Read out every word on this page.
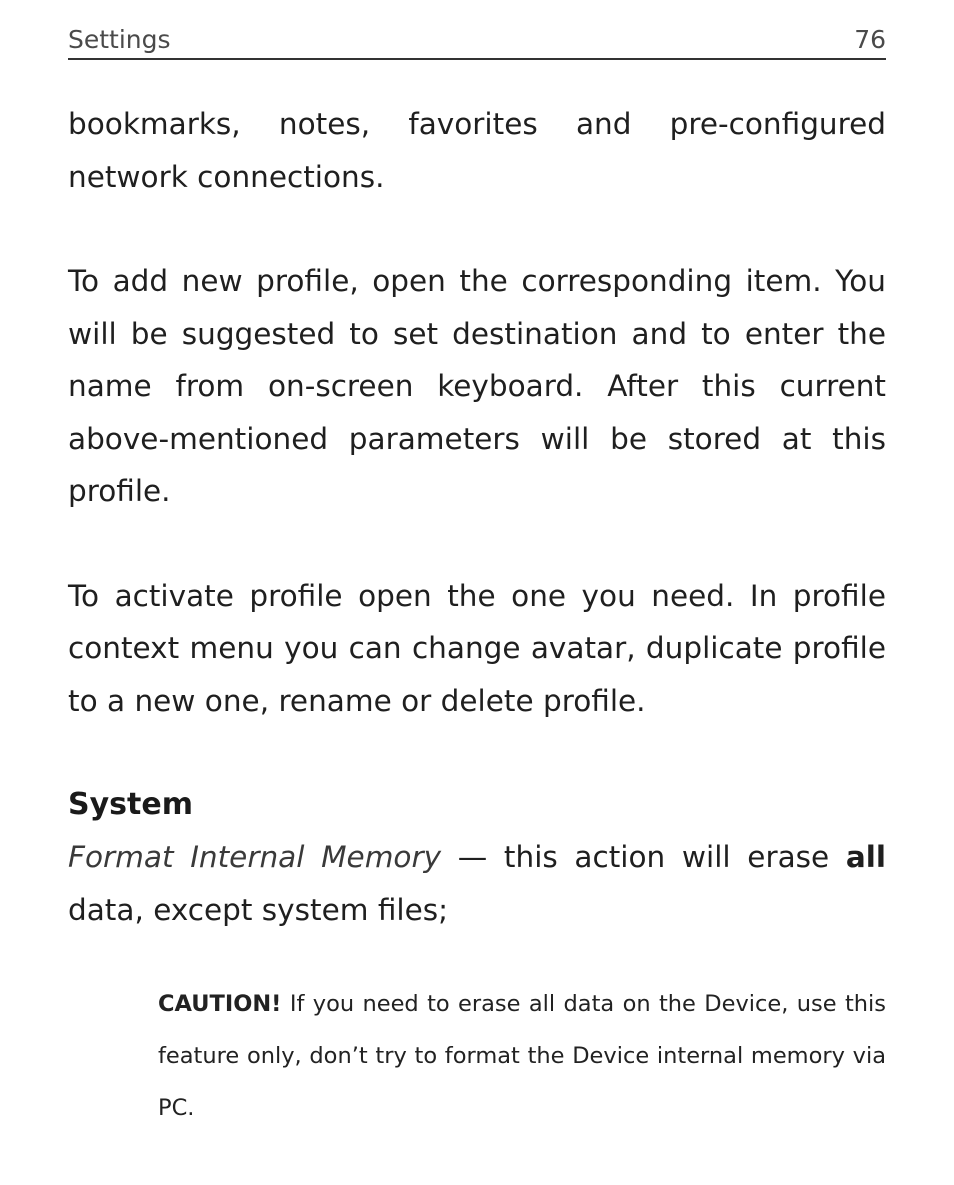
Settings	76

bookmarks, notes, favorites and pre-configured network connections.

To add new profile, open the corresponding item. You will be suggested to set destination and to enter the name from on-screen keyboard. After this current above-mentioned parameters will be stored at this profile.

To activate profile open the one you need. In profile context menu you can change avatar, duplicate profile to a new one, rename or delete profile.

System

Format Internal Memory — this action will erase all data, except system files;

CAUTION! If you need to erase all data on the Device, use this feature only, don’t try to format the Device internal memory via PC.
